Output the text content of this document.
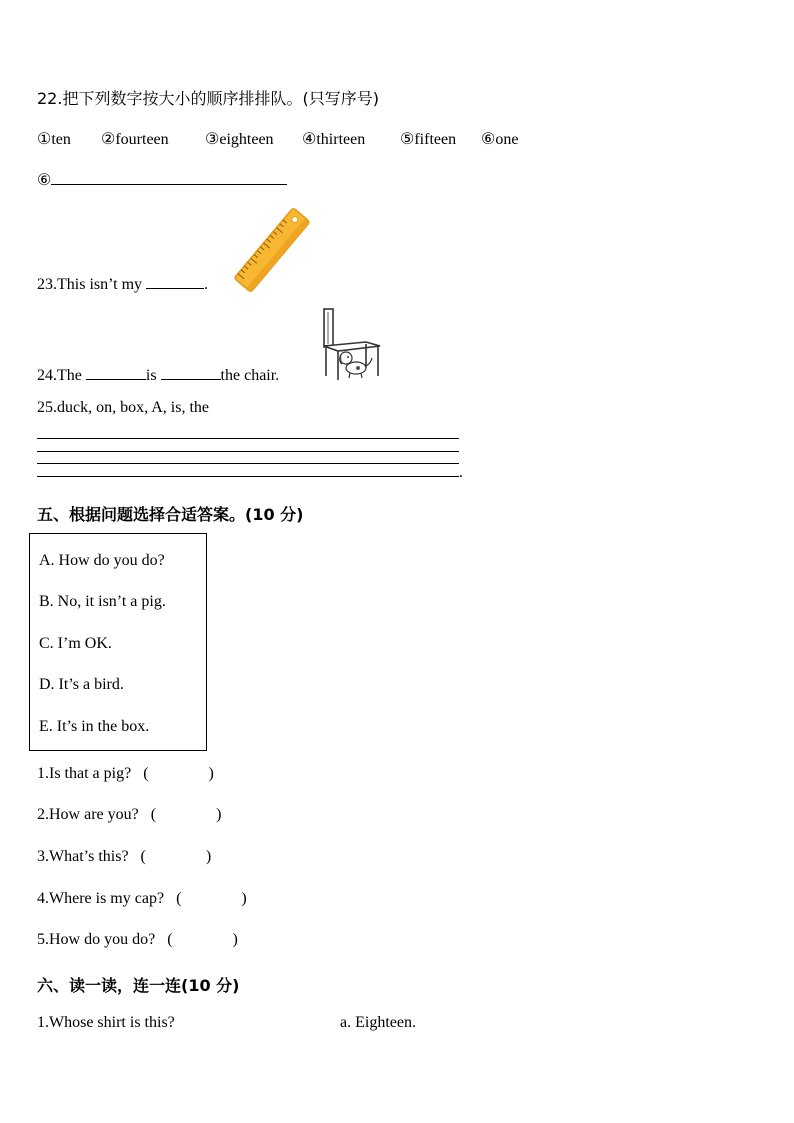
22.把下列数字按大小的顺序排排队。(只写序号)
①ten ②fourteen ③eighteen ④thirteen ⑤fifteen ⑥one
⑥
23.This isn’t my	.
24.The	is	the chair.
25.duck, on, box, A, is, the
.
五、根据问题选择合适答案。(10 分)
A. How do you do?
B. No, it isn’t a pig.
C. I’m OK.
D. It’s a bird.
E. It’s in the box.
1.Is that a pig? (	)
2.How are you? (	)
3.What’s this? (	)
4.Where is my cap? (	)
5.How do you do? (	)
六、读一读，连一连(10 分)
1.Whose shirt is this?	a. Eighteen.
